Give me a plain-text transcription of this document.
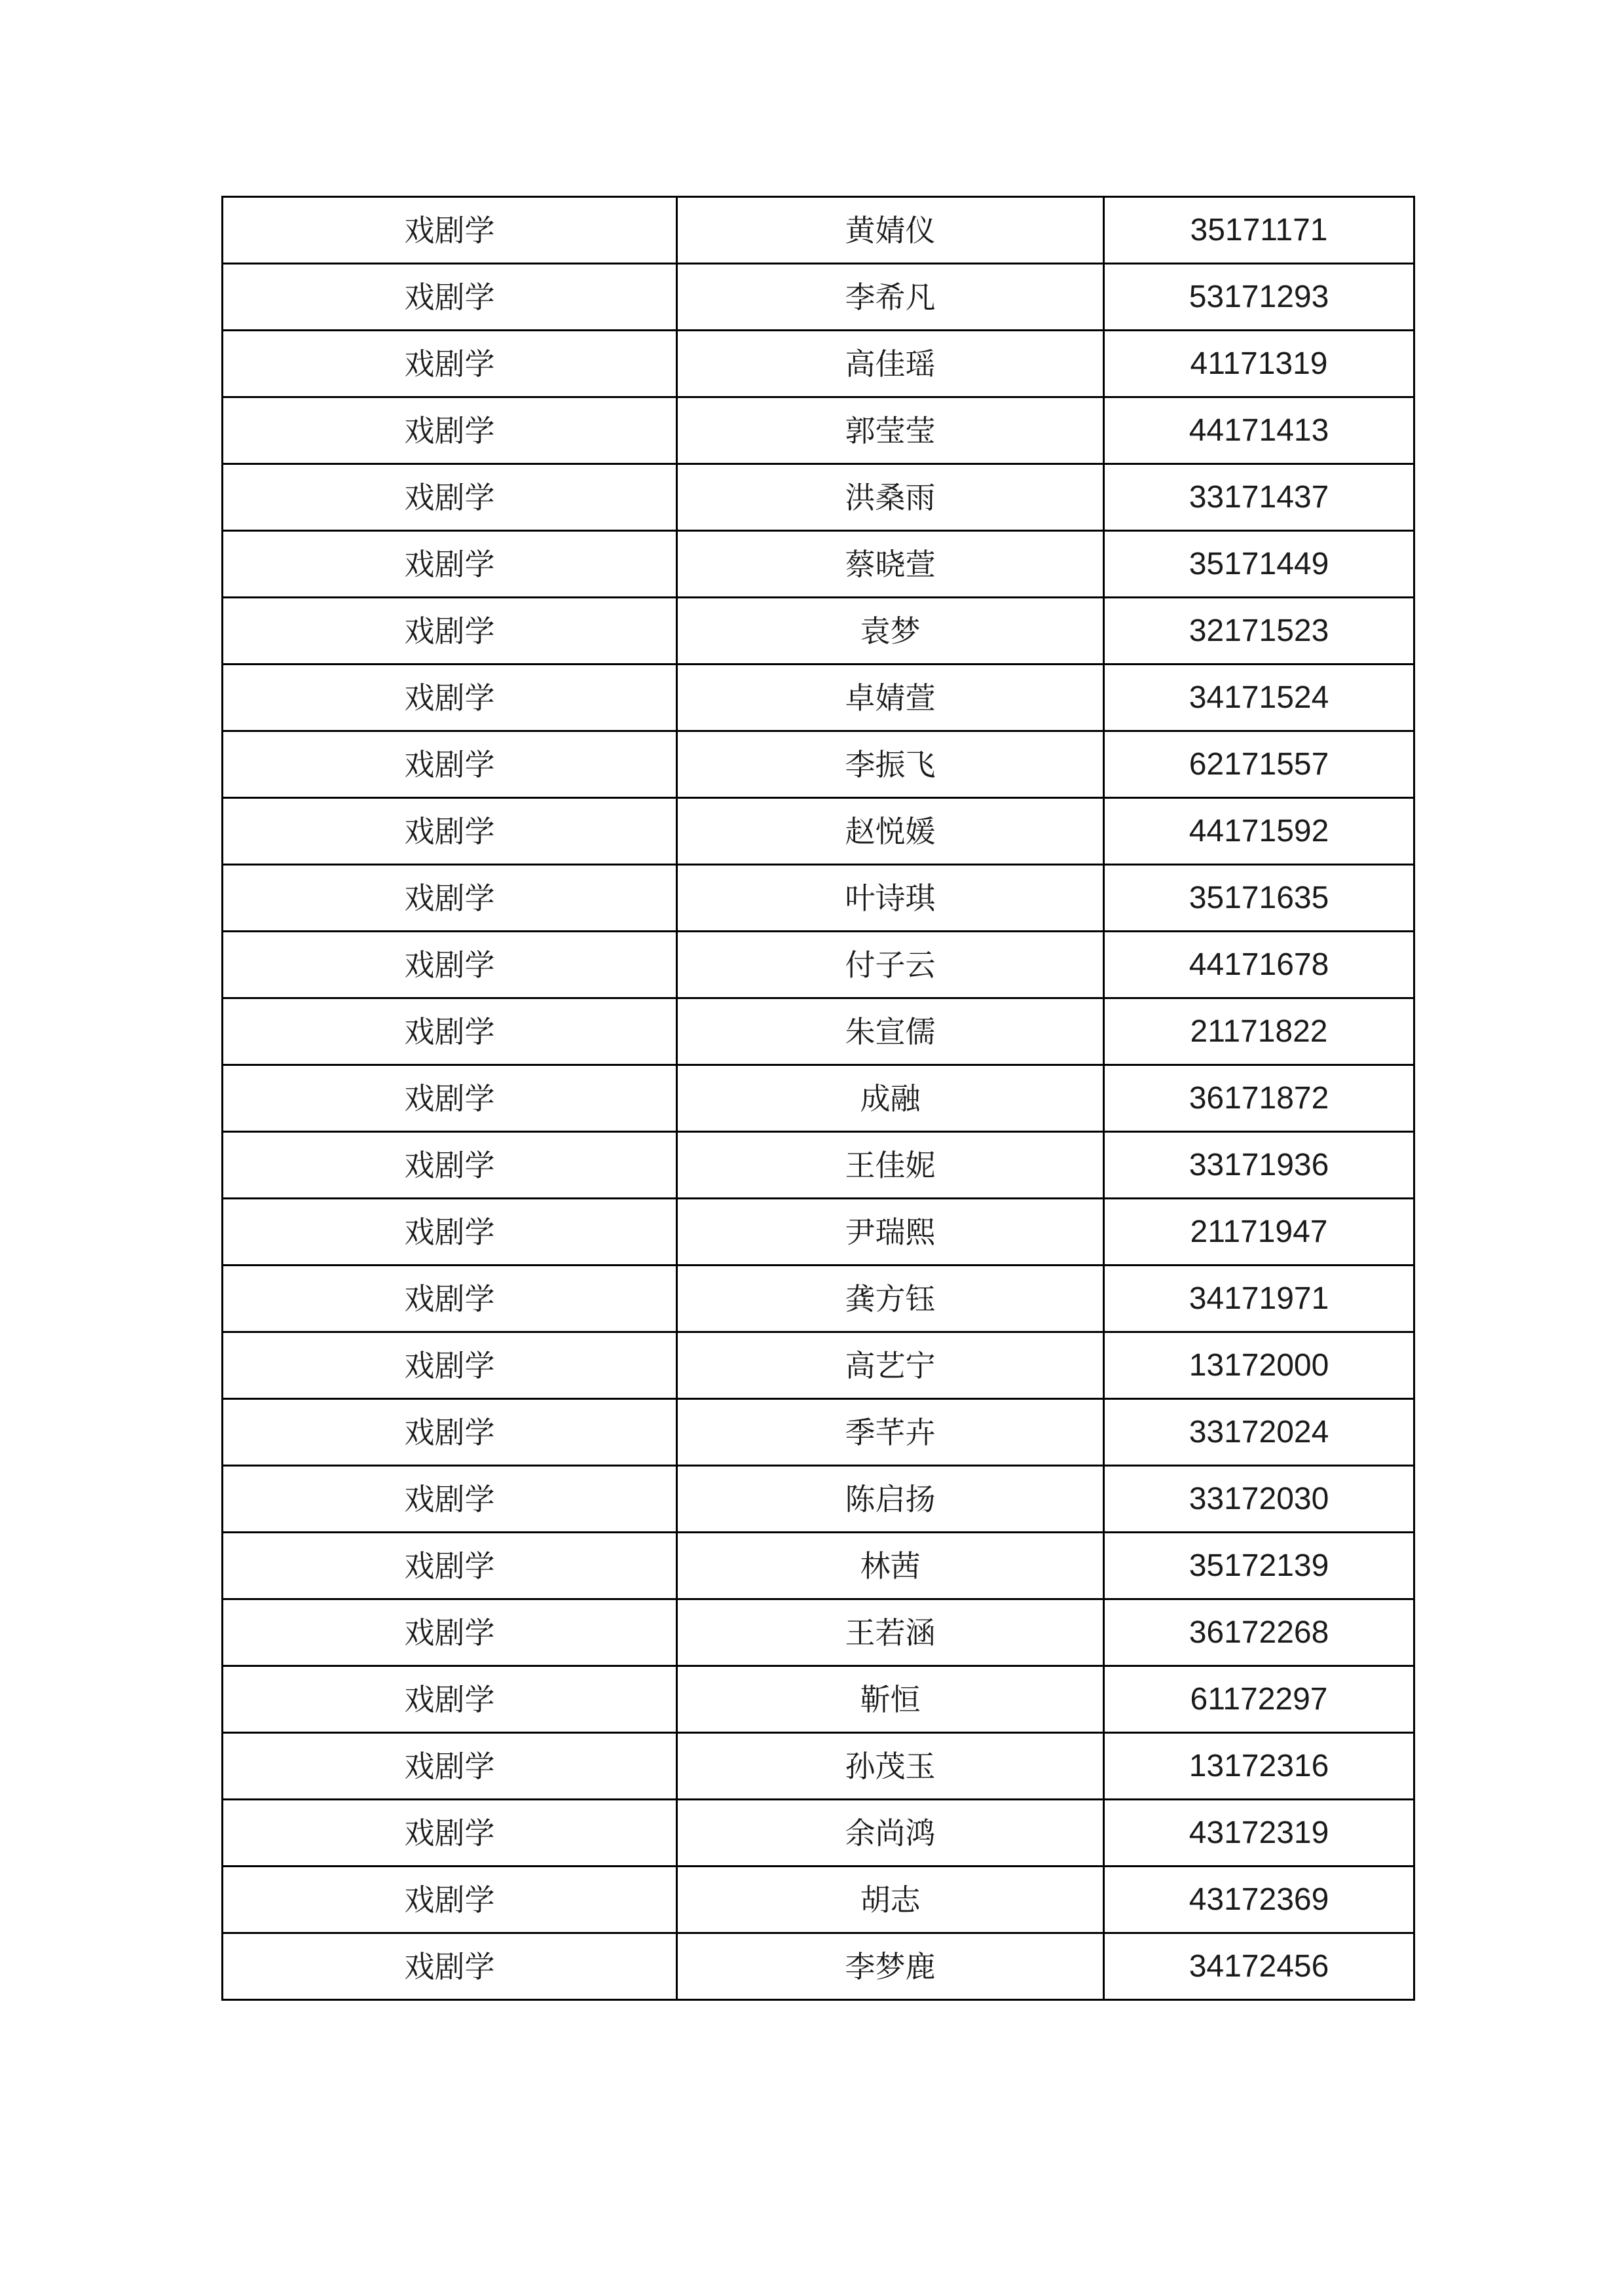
戏剧学	黄婧仪	35171171
戏剧学	李希凡	53171293
戏剧学	高佳瑶	41171319
戏剧学	郭莹莹	44171413
戏剧学	洪桑雨	33171437
戏剧学	蔡晓萱	35171449
戏剧学	袁梦	32171523
戏剧学	卓婧萱	34171524
戏剧学	李振飞	62171557
戏剧学	赵悦媛	44171592
戏剧学	叶诗琪	35171635
戏剧学	付子云	44171678
戏剧学	朱宣儒	21171822
戏剧学	成融	36171872
戏剧学	王佳妮	33171936
戏剧学	尹瑞熙	21171947
戏剧学	龚方钰	34171971
戏剧学	高艺宁	13172000
戏剧学	季芊卉	33172024
戏剧学	陈启扬	33172030
戏剧学	林茜	35172139
戏剧学	王若涵	36172268
戏剧学	靳恒	61172297
戏剧学	孙茂玉	13172316
戏剧学	余尚鸿	43172319
戏剧学	胡志	43172369
戏剧学	李梦鹿	34172456
